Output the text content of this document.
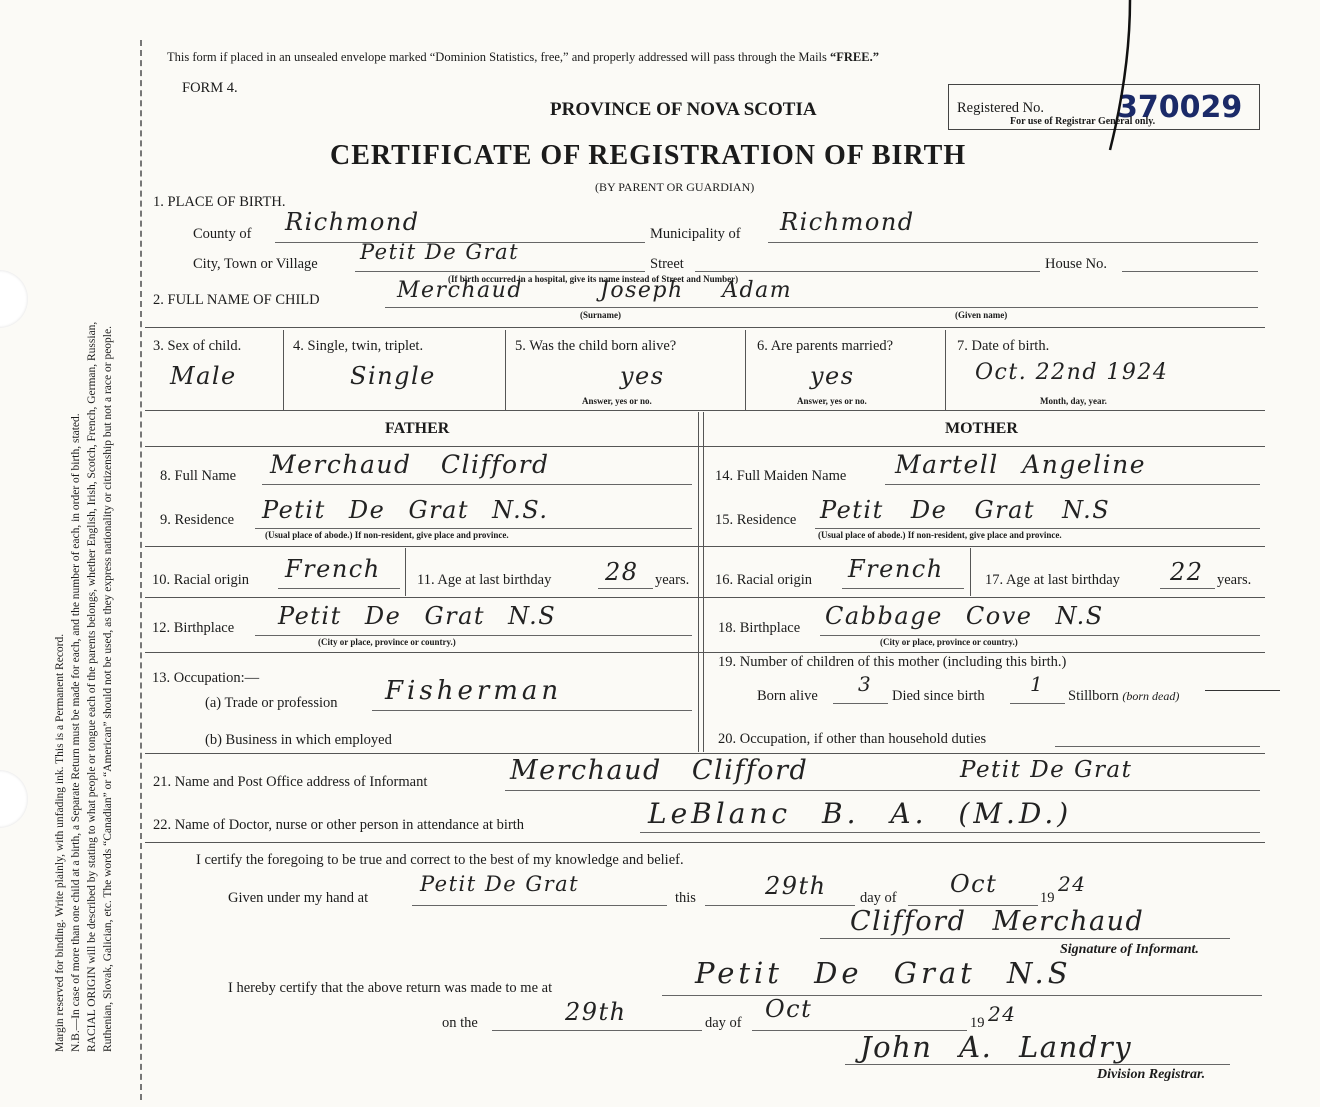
Margin reserved for binding. Write plainly, with unfading ink. This is a Permanent Record. N.B.—In case of more than one child at a birth, a Separate Return must be made for each, and the number of each, in order of birth, stated. RACIAL ORIGIN will be described by stating to what people or tongue each of the parents belongs, whether English, Irish, Scotch, French, German, Russian, Ruthenian, Slovak, Galician, etc. The words “Canadian” or “American” should not be used, as they express nationality or citizenship but not a race or people.
This form if placed in an unsealed envelope marked “Dominion Statistics, free,” and properly addressed will pass through the Mails “FREE.”
FORM 4.
PROVINCE OF NOVA SCOTIA	Registered No. 370029
For use of Registrar General only.
CERTIFICATE OF REGISTRATION OF BIRTH
(BY PARENT OR GUARDIAN)
1. PLACE OF BIRTH.
County of Richmond	Municipality of Richmond
City, Town or Village Petit De Grat	Street	House No.
(If birth occurred in a hospital, give its name instead of Street and Number)
2. FULL NAME OF CHILD	Merchaud	Joseph Adam
(Surname)	(Given name)
3. Sex of child.
Male
4. Single, twin, triplet.
Single
5. Was the child born alive?
yes
Answer, yes or no.
6. Are parents married?
yes
Answer, yes or no.
7. Date of birth.
Oct. 22nd 1924
Month, day, year.
FATHER	MOTHER
8. Full Name Merchaud Clifford	14. Full Maiden Name Martell Angeline
9. Residence Petit De Grat N.S.
(Usual place of abode.) If non-resident, give place and province.
15. Residence Petit De Grat N.S
(Usual place of abode.) If non-resident, give place and province.
10. Racial origin French	11. Age at last birthday 28 years. 16. Racial origin French	17. Age at last birthday 22 years.
12. Birthplace Petit De Grat N.S
(City or place, province or country.)
18. Birthplace Cabbage Cove N.S
(City or place, province or country.)
13. Occupation:—
(a) Trade or profession Fisherman
(b) Business in which employed
19. Number of children of this mother (including this birth.)
Born alive 3 Died since birth 1 Stillborn (born dead)
20. Occupation, if other than household duties
21. Name and Post Office address of Informant	Merchaud Clifford	Petit De Grat
22. Name of Doctor, nurse or other person in attendance at birth	LeBlanc B. A. (M.D.)
I certify the foregoing to be true and correct to the best of my knowledge and belief.
Given under my hand at
Petit De Grat
this	29th day of Oct	19
24
Clifford Merchaud
Signature of Informant.
I hereby certify that the above return was made to me at	Petit De Grat N.S
on the	29th	day of Oct	19 24
John A. Landry
Division Registrar.
